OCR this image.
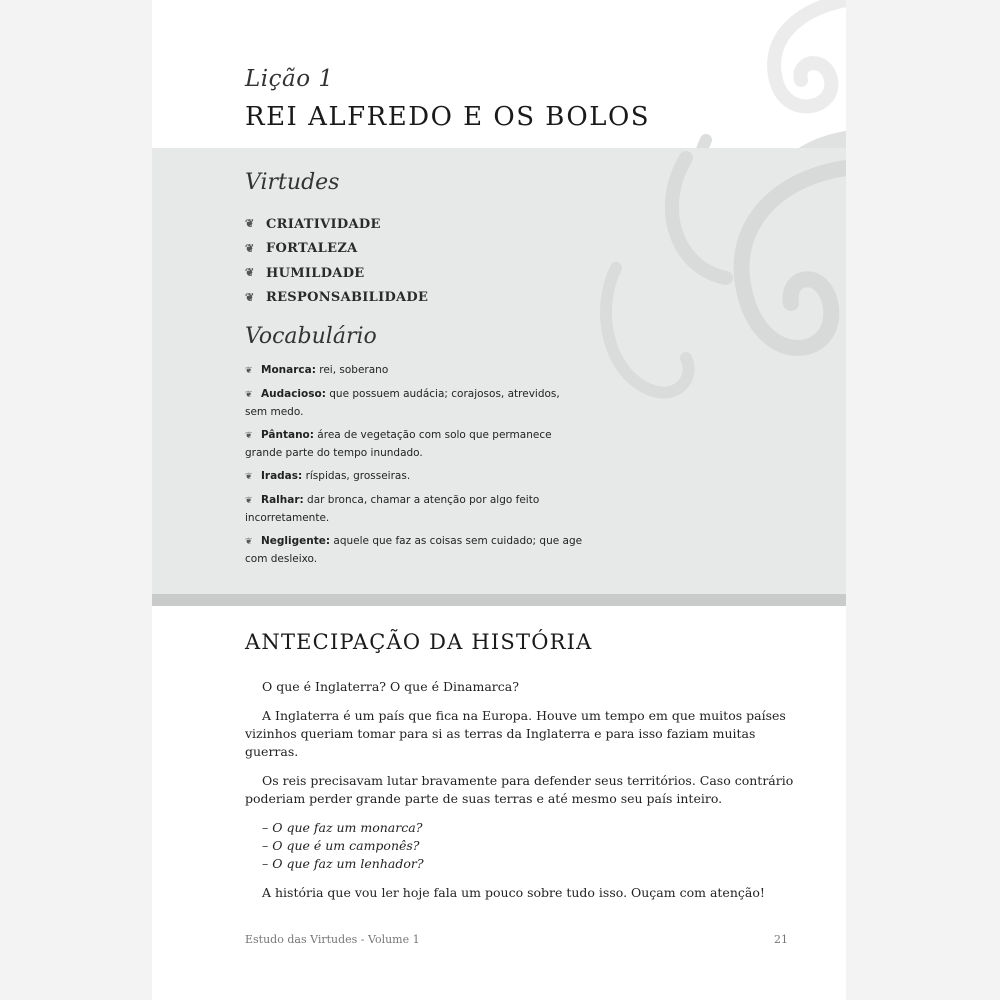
Lição 1
REI ALFREDO E OS BOLOS
Virtudes
❦ CRIATIVIDADE
❦ FORTALEZA
❦ HUMILDADE
❦ RESPONSABILIDADE
Vocabulário
❦ Monarca: rei, soberano
❦ Audacioso: que possuem audácia; corajosos, atrevidos, sem medo.
❦ Pântano: área de vegetação com solo que permanece grande parte do tempo inundado.
❦ Iradas: ríspidas, grosseiras.
❦ Ralhar: dar bronca, chamar a atenção por algo feito incorretamente.
❦ Negligente: aquele que faz as coisas sem cuidado; que age com desleixo.
ANTECIPAÇÃO DA HISTÓRIA

O que é Inglaterra? O que é Dinamarca?

A Inglaterra é um país que fica na Europa. Houve um tempo em que muitos países vizinhos queriam tomar para si as terras da Inglaterra e para isso faziam muitas guerras.

Os reis precisavam lutar bravamente para defender seus territórios. Caso contrário poderiam perder grande parte de suas terras e até mesmo seu país inteiro.

– O que faz um monarca?
– O que é um camponês?
– O que faz um lenhador?

A história que vou ler hoje fala um pouco sobre tudo isso. Ouçam com atenção!

Estudo das Virtudes - Volume 1	21
